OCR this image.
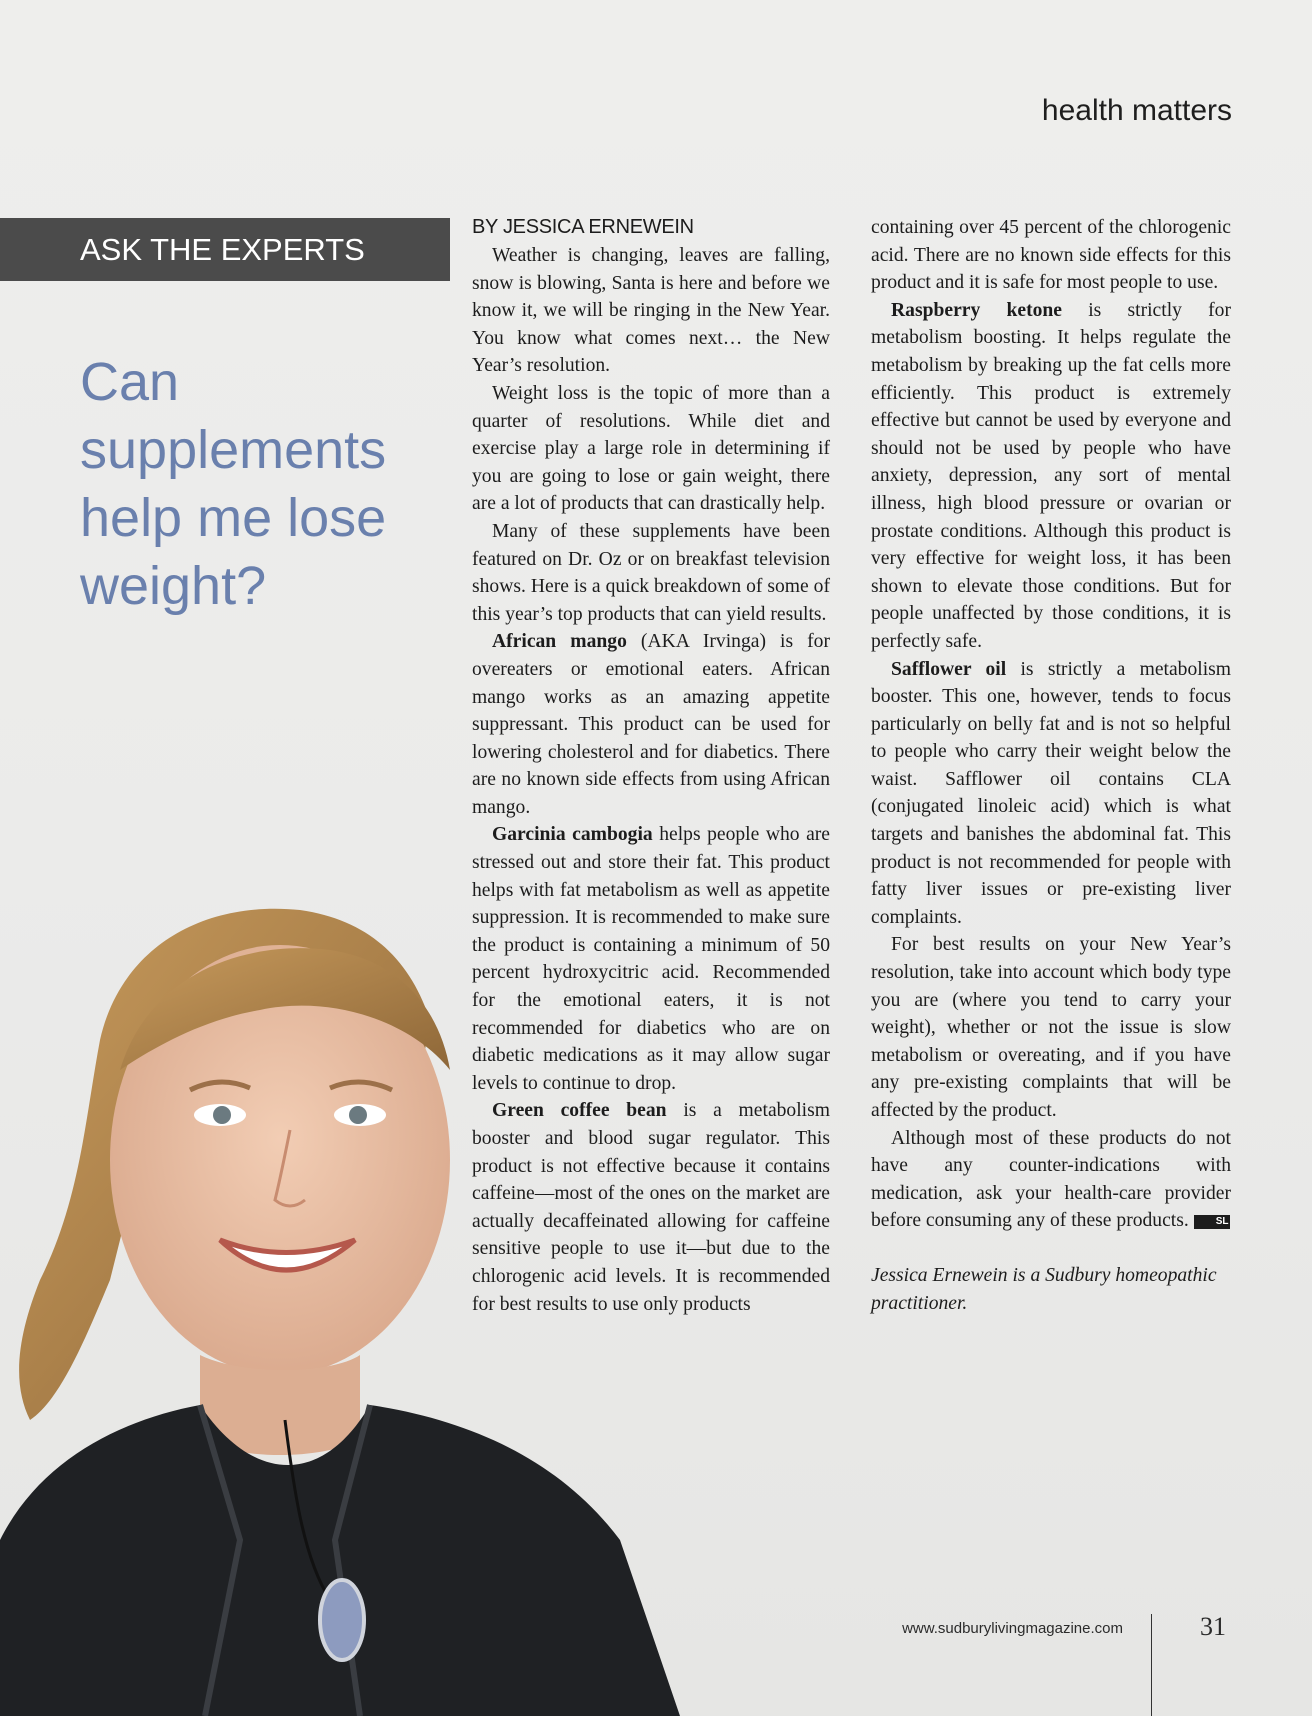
health matters
ASK THE EXPERTS
Can supplements help me lose weight?
BY JESSICA ERNEWEIN

Weather is changing, leaves are falling, snow is blowing, Santa is here and before we know it, we will be ringing in the New Year. You know what comes next… the New Year’s resolution.

Weight loss is the topic of more than a quarter of resolutions. While diet and exercise play a large role in determining if you are going to lose or gain weight, there are a lot of products that can drastically help.

Many of these supplements have been featured on Dr. Oz or on breakfast television shows. Here is a quick breakdown of some of this year’s top products that can yield results.

African mango (AKA Irvinga) is for overeaters or emotional eaters. African mango works as an amazing appetite suppressant. This product can be used for lowering cholesterol and for diabetics. There are no known side effects from using African mango.

Garcinia cambogia helps people who are stressed out and store their fat. This product helps with fat metabolism as well as appetite suppression. It is recommended to make sure the product is containing a minimum of 50 percent hydroxycitric acid. Recommended for the emotional eaters, it is not recommended for diabetics who are on diabetic medications as it may allow sugar levels to continue to drop.

Green coffee bean is a metabolism booster and blood sugar regulator. This product is not effective because it contains caffeine—most of the ones on the market are actually decaffeinated allowing for caffeine sensitive people to use it—but due to the chlorogenic acid levels. It is recommended for best results to use only products

containing over 45 percent of the chlorogenic acid. There are no known side effects for this product and it is safe for most people to use.

Raspberry ketone is strictly for metabolism boosting. It helps regulate the metabolism by breaking up the fat cells more efficiently. This product is extremely effective but cannot be used by everyone and should not be used by people who have anxiety, depression, any sort of mental illness, high blood pressure or ovarian or prostate conditions. Although this product is very effective for weight loss, it has been shown to elevate those conditions. But for people unaffected by those conditions, it is perfectly safe.

Safflower oil is strictly a metabolism booster. This one, however, tends to focus particularly on belly fat and is not so helpful to people who carry their weight below the waist. Safflower oil contains CLA (conjugated linoleic acid) which is what targets and banishes the abdominal fat. This product is not recommended for people with fatty liver issues or pre-existing liver complaints.

For best results on your New Year’s resolution, take into account which body type you are (where you tend to carry your weight), whether or not the issue is slow metabolism or overeating, and if you have any pre-existing complaints that will be affected by the product.

Although most of these products do not have any counter-indications with medication, ask your health-care provider before consuming any of these products.	SL

Jessica Ernewein is a Sudbury homeopathic practitioner.

www.sudburylivingmagazine.com	31
